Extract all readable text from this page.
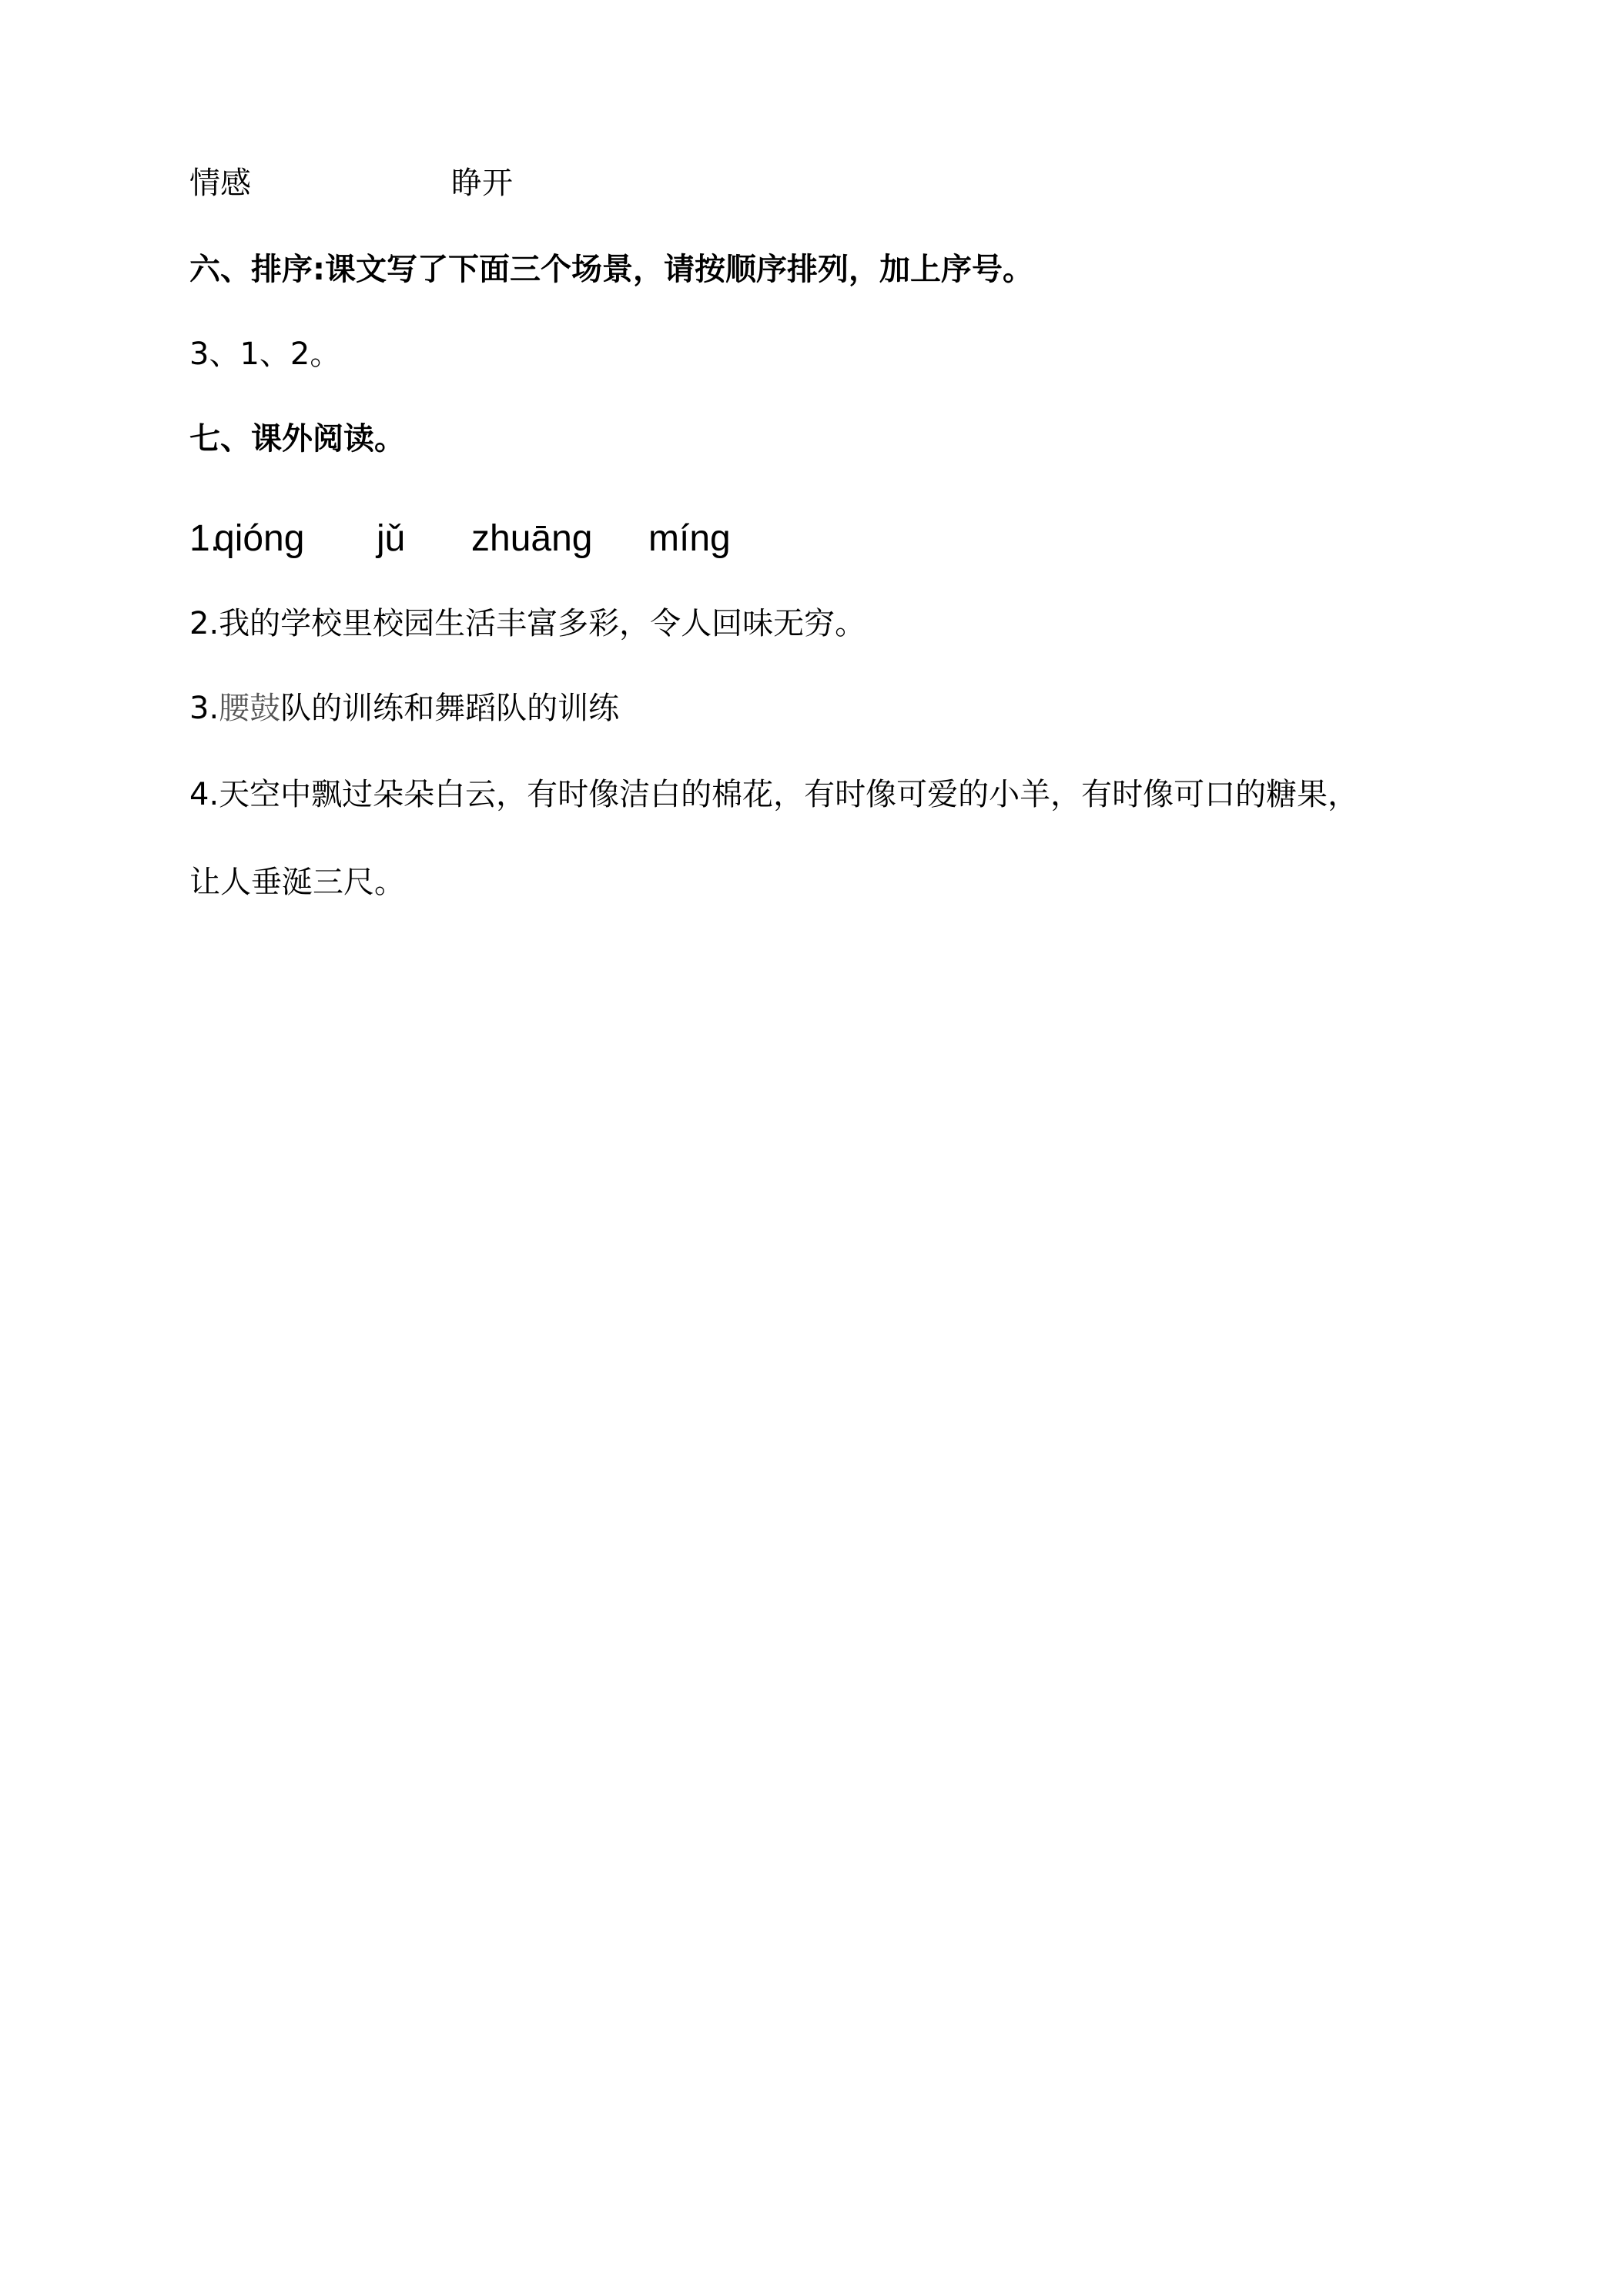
情感	睁开
六、排序:课文写了下面三个场景，请按顺序排列，加上序号。
3、1、2。
七、课外阅读。
1.
qióng jǔ zhuāng míng
2.我的学校里校园生活丰富多彩，令人回味无穷。
3.腰鼓队的训练和舞蹈队的训练
4.天空中飘过朵朵白云，有时像洁白的棉花，有时像可爱的小羊，有时像可口的糖果，
让人垂涎三尺。
